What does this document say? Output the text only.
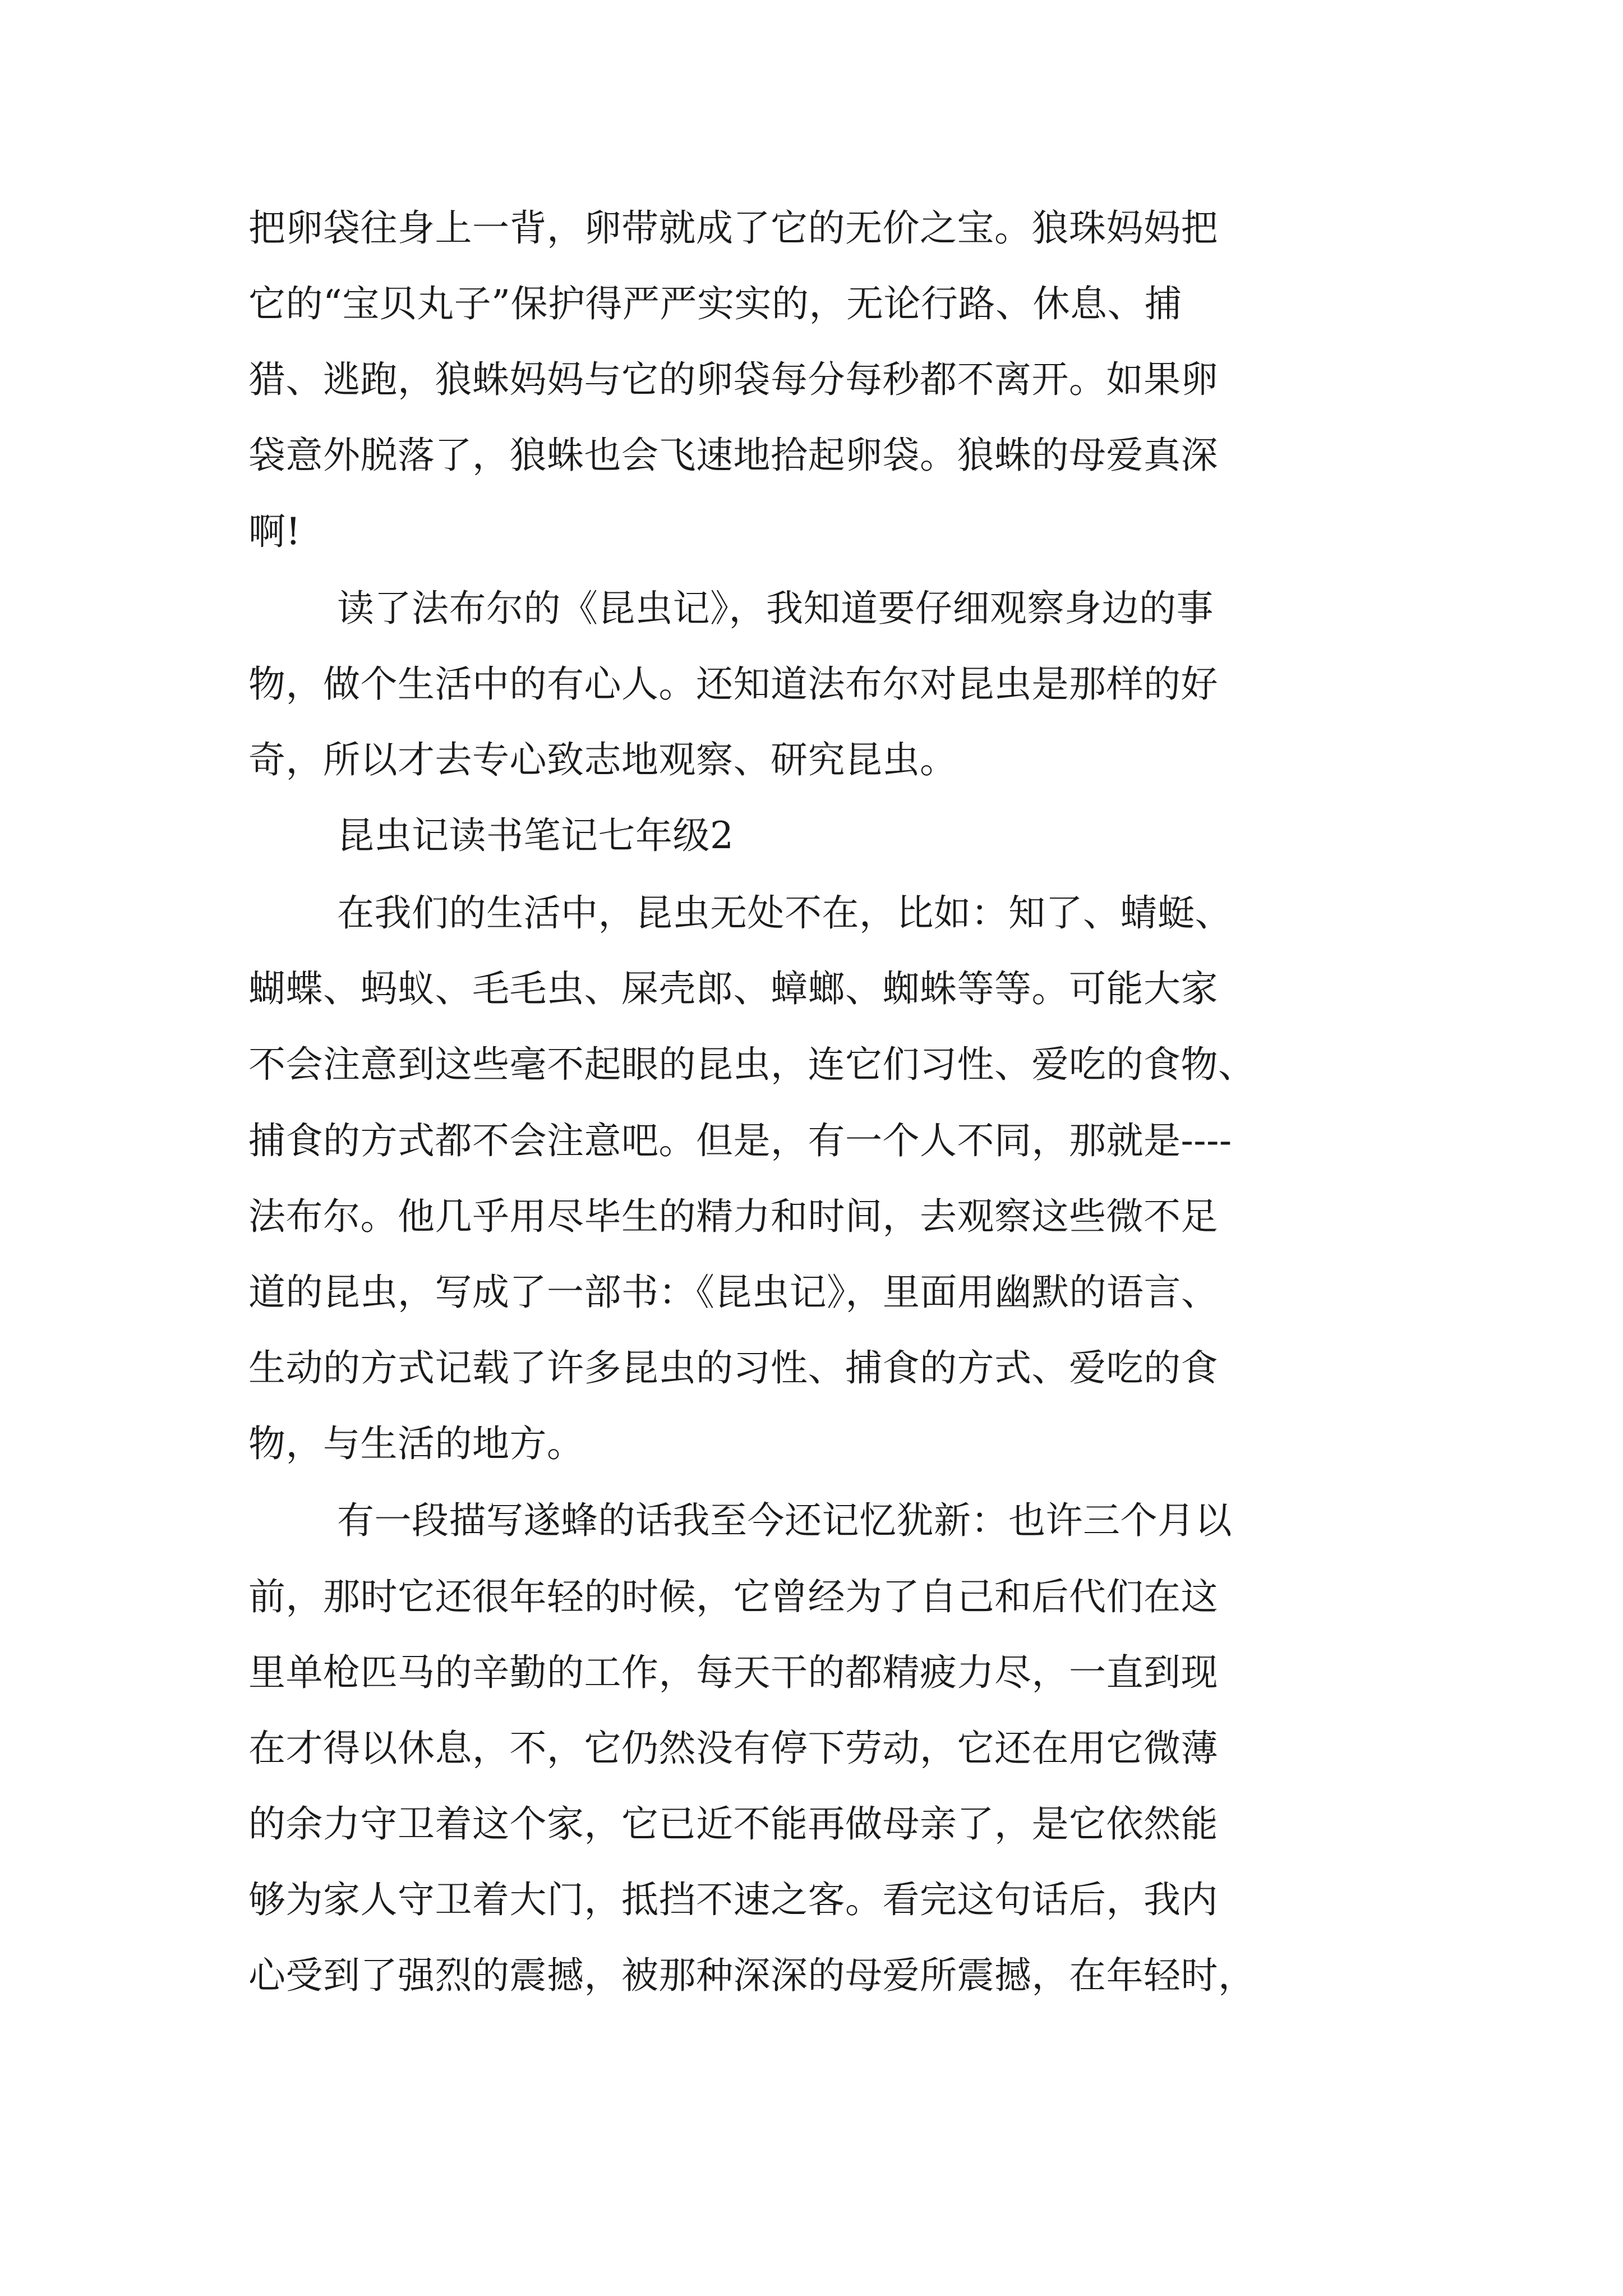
把卵袋往身上一背，卵带就成了它的无价之宝。狼珠妈妈把
它的“宝贝丸子”保护得严严实实的，无论行路、休息、捕
猎、逃跑，狼蛛妈妈与它的卵袋每分每秒都不离开。如果卵
袋意外脱落了，狼蛛也会飞速地拾起卵袋。狼蛛的母爱真深
啊!
读了法布尔的《昆虫记》，我知道要仔细观察身边的事
物，做个生活中的有心人。还知道法布尔对昆虫是那样的好
奇，所以才去专心致志地观察、研究昆虫。
昆虫记读书笔记七年级2
在我们的生活中，昆虫无处不在，比如：知了、蜻蜓、
蝴蝶、蚂蚁、毛毛虫、屎壳郎、蟑螂、蜘蛛等等。可能大家
不会注意到这些毫不起眼的昆虫，连它们习性、爱吃的食物、
捕食的方式都不会注意吧。但是，有一个人不同，那就是----
法布尔。他几乎用尽毕生的精力和时间，去观察这些微不足
道的昆虫，写成了一部书：《昆虫记》，里面用幽默的语言、
生动的方式记载了许多昆虫的习性、捕食的方式、爱吃的食
物，与生活的地方。
有一段描写遂蜂的话我至今还记忆犹新：也许三个月以
前，那时它还很年轻的时候，它曾经为了自己和后代们在这
里单枪匹马的辛勤的工作，每天干的都精疲力尽，一直到现
在才得以休息，不，它仍然没有停下劳动，它还在用它微薄
的余力守卫着这个家，它已近不能再做母亲了，是它依然能
够为家人守卫着大门，抵挡不速之客。看完这句话后，我内
心受到了强烈的震撼，被那种深深的母爱所震撼，在年轻时，
